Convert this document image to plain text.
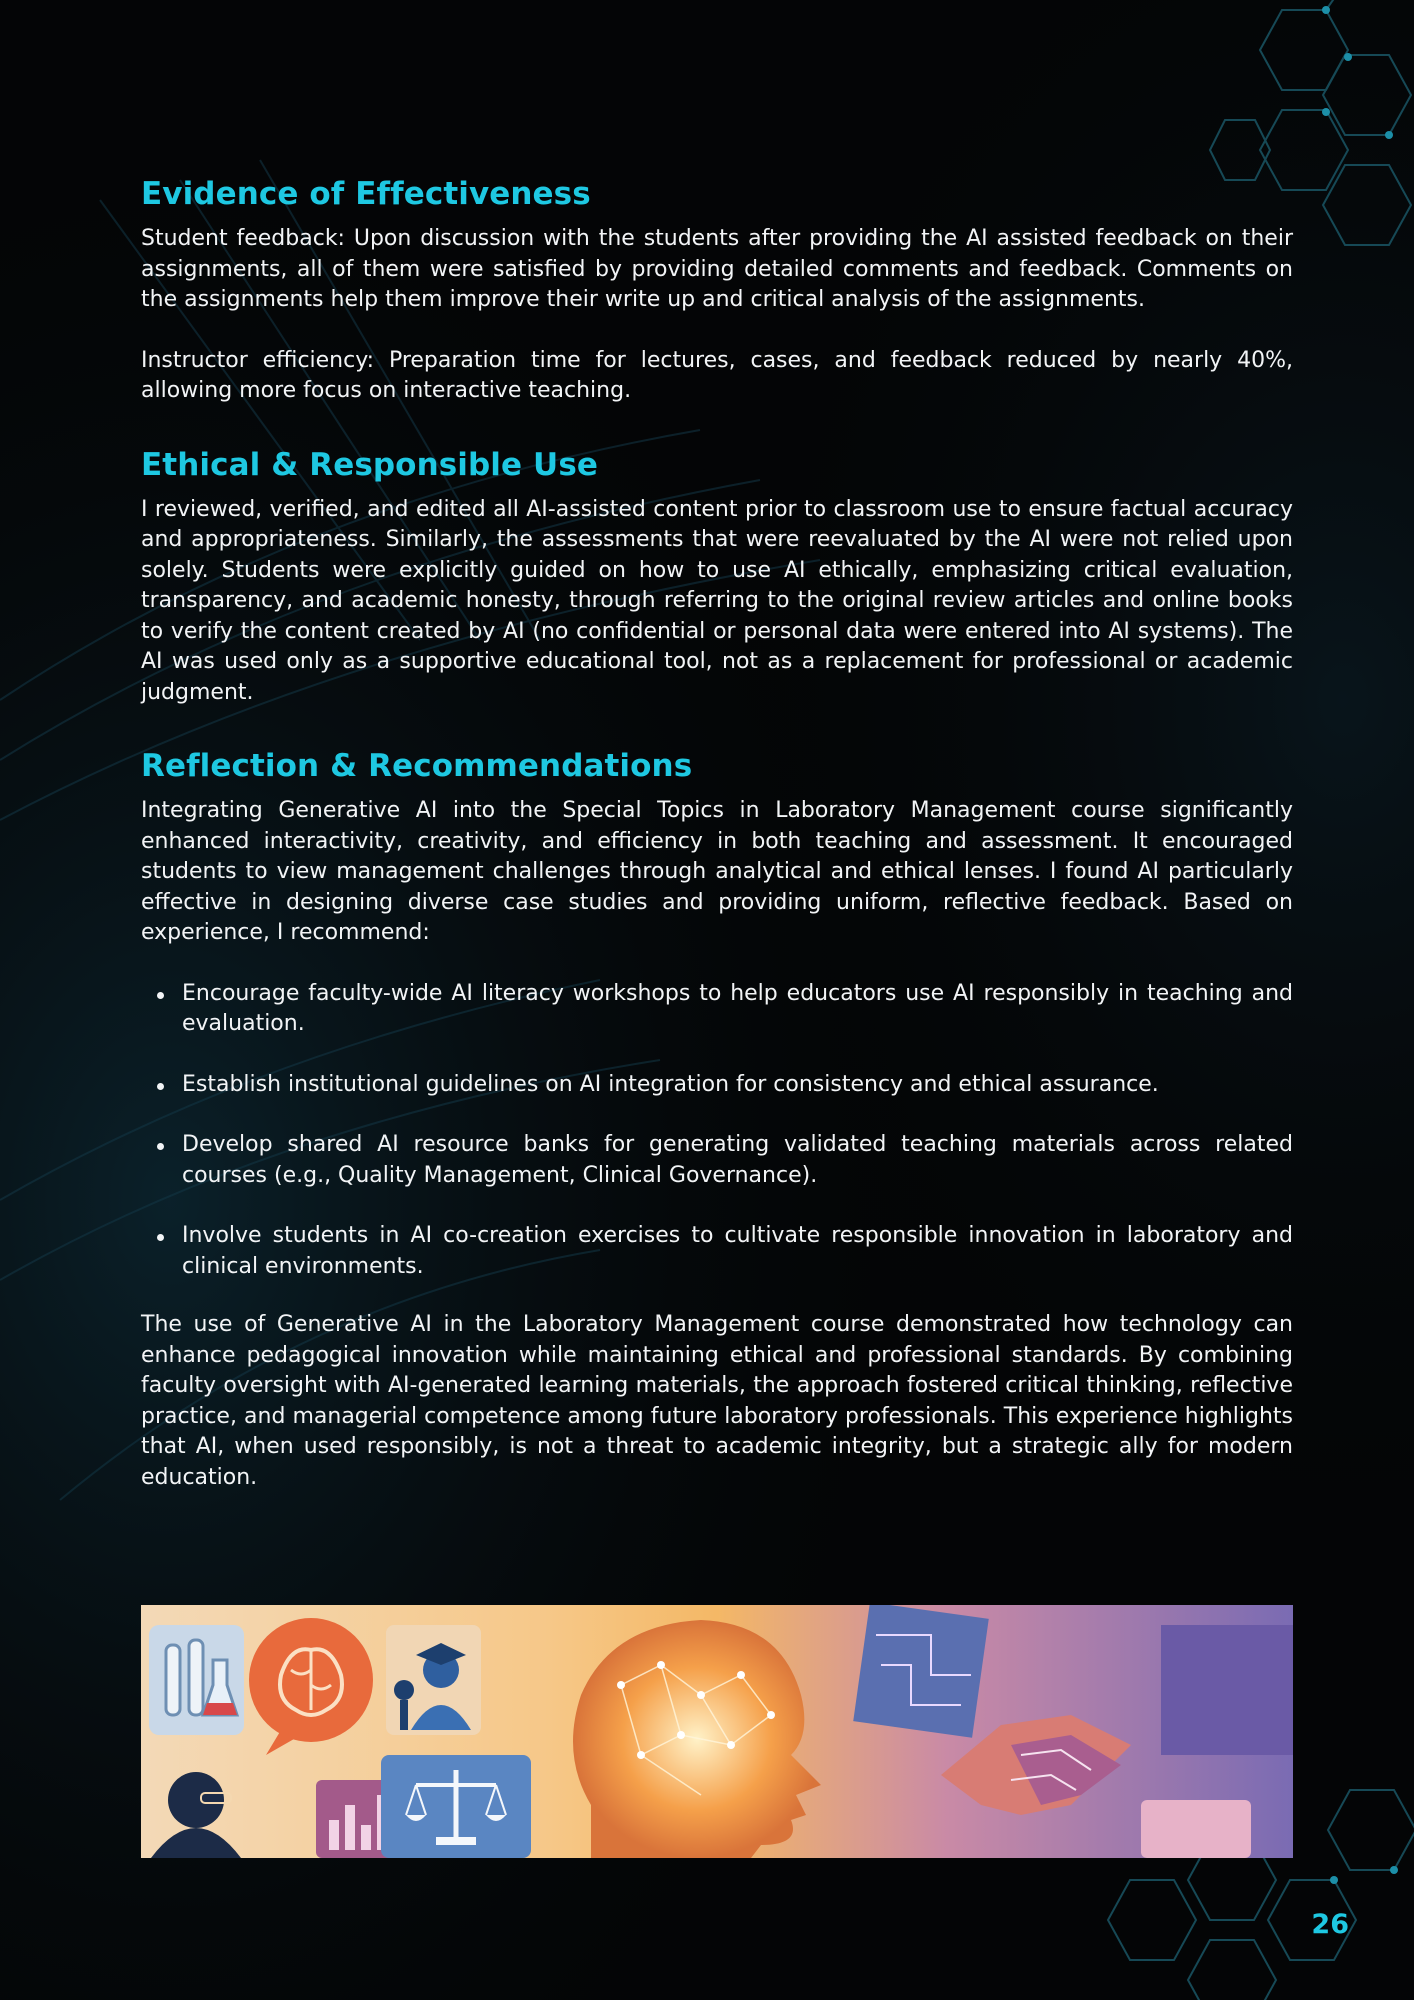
Evidence of Effectiveness

Student feedback: Upon discussion with the students after providing the AI assisted feedback on their assignments, all of them were satisfied by providing detailed comments and feedback. Comments on the assignments help them improve their write up and critical analysis of the assignments.

Instructor efficiency: Preparation time for lectures, cases, and feedback reduced by nearly 40%, allowing more focus on interactive teaching.

Ethical & Responsible Use

I reviewed, verified, and edited all AI-assisted content prior to classroom use to ensure factual accuracy and appropriateness. Similarly, the assessments that were reevaluated by the AI were not relied upon solely. Students were explicitly guided on how to use AI ethically, emphasizing critical evaluation, transparency, and academic honesty, through referring to the original review articles and online books to verify the content created by AI (no confidential or personal data were entered into AI systems). The AI was used only as a supportive educational tool, not as a replacement for professional or academic judgment.

Reflection & Recommendations

Integrating Generative AI into the Special Topics in Laboratory Management course significantly enhanced interactivity, creativity, and efficiency in both teaching and assessment. It encouraged students to view management challenges through analytical and ethical lenses. I found AI particularly effective in designing diverse case studies and providing uniform, reflective feedback. Based on experience, I recommend:

Encourage faculty-wide AI literacy workshops to help educators use AI responsibly in teaching and evaluation.
Establish institutional guidelines on AI integration for consistency and ethical assurance.
Develop shared AI resource banks for generating validated teaching materials across related courses (e.g., Quality Management, Clinical Governance).
Involve students in AI co-creation exercises to cultivate responsible innovation in laboratory and clinical environments.

The use of Generative AI in the Laboratory Management course demonstrated how technology can enhance pedagogical innovation while maintaining ethical and professional standards. By combining faculty oversight with AI-generated learning materials, the approach fostered critical thinking, reflective practice, and managerial competence among future laboratory professionals. This experience highlights that AI, when used responsibly, is not a threat to academic integrity, but a strategic ally for modern education.

26
